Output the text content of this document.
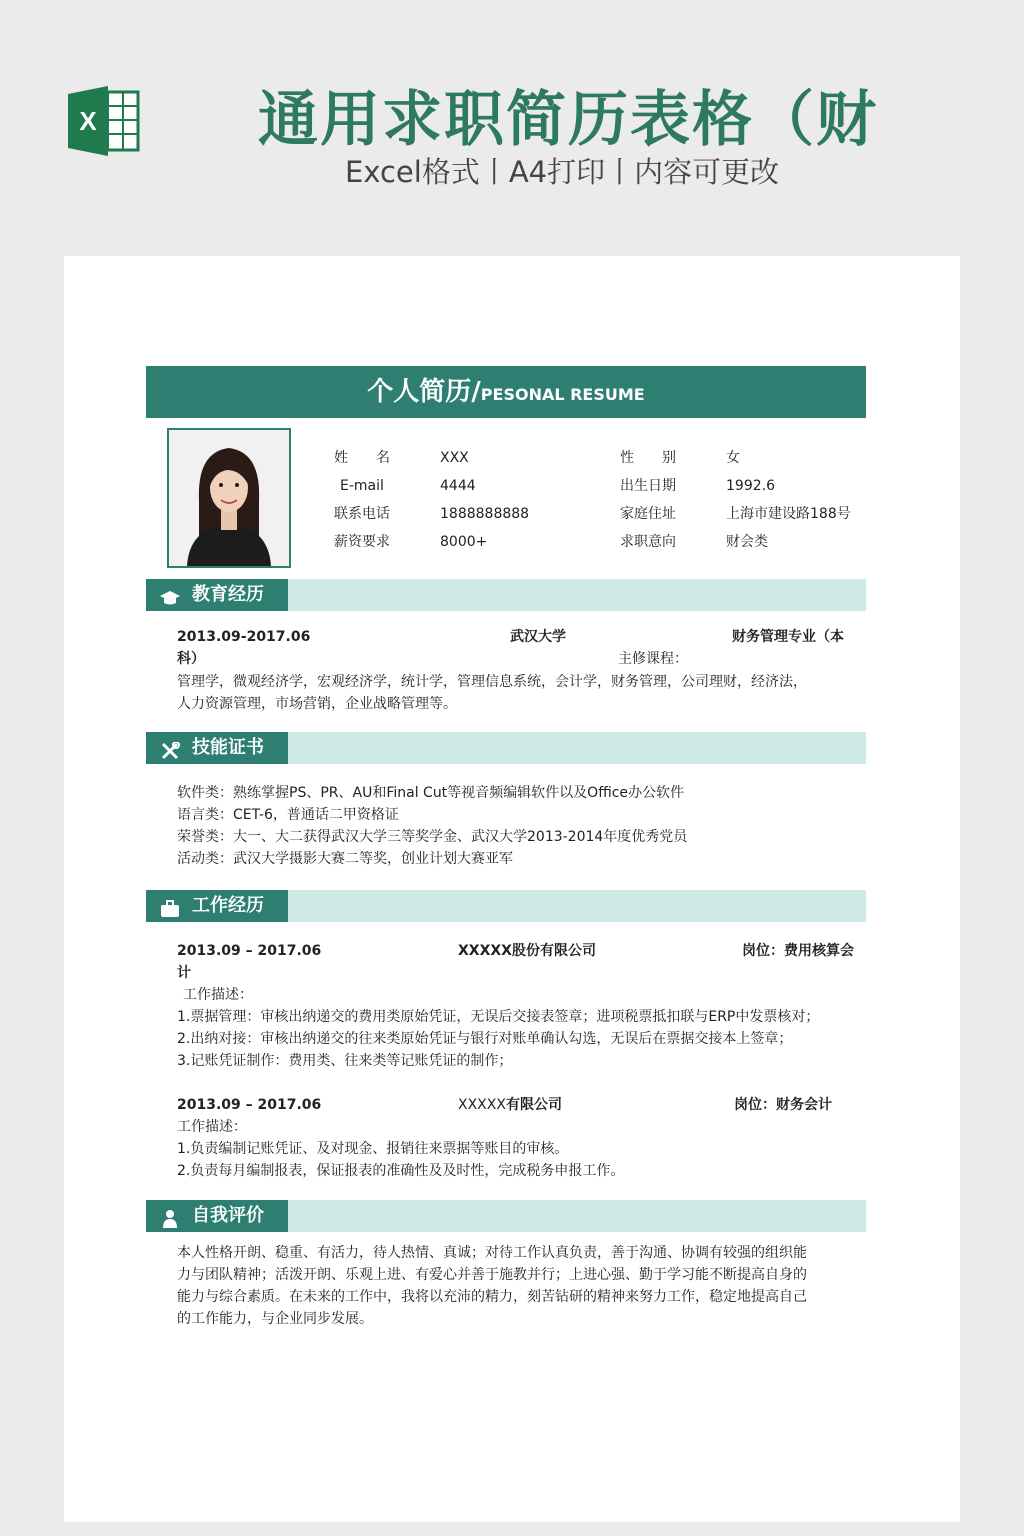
X	通用求职简历表格（财
Excel格式丨A4打印丨内容可更改
个人简历/PESONAL RESUME
姓　　名	XXX	性　　别	女
E-mail	4444	出生日期	1992.6
联系电话	1888888888	家庭住址	上海市建设路188号
薪资要求	8000+	求职意向	财会类
教育经历
2013.09-2017.06	武汉大学	财务管理专业（本
科）	主修课程：
管理学，微观经济学，宏观经济学，统计学，管理信息系统，会计学，财务管理，公司理财，经济法，
人力资源管理，市场营销，企业战略管理等。
技能证书
软件类：熟练掌握PS、PR、AU和Final Cut等视音频编辑软件以及Office办公软件
语言类：CET-6，普通话二甲资格证
荣誉类：大一、大二获得武汉大学三等奖学金、武汉大学2013-2014年度优秀党员
活动类：武汉大学摄影大赛二等奖，创业计划大赛亚军
工作经历
2013.09 – 2017.06	XXXXX股份有限公司	岗位：费用核算会
计
工作描述：
1.票据管理：审核出纳递交的费用类原始凭证，无误后交接表签章；进项税票抵扣联与ERP中发票核对；
2.出纳对接：审核出纳递交的往来类原始凭证与银行对账单确认勾选，无误后在票据交接本上签章；
3.记账凭证制作：费用类、往来类等记账凭证的制作；
2013.09 – 2017.06	XXXXX有限公司	岗位：财务会计
工作描述：
1.负责编制记账凭证、及对现金、报销往来票据等账目的审核。
2.负责每月编制报表，保证报表的准确性及及时性，完成税务申报工作。
自我评价
本人性格开朗、稳重、有活力，待人热情、真诚；对待工作认真负责，善于沟通、协调有较强的组织能
力与团队精神；活泼开朗、乐观上进、有爱心并善于施教并行；上进心强、勤于学习能不断提高自身的
能力与综合素质。在未来的工作中，我将以充沛的精力，刻苦钻研的精神来努力工作，稳定地提高自己
的工作能力，与企业同步发展。
